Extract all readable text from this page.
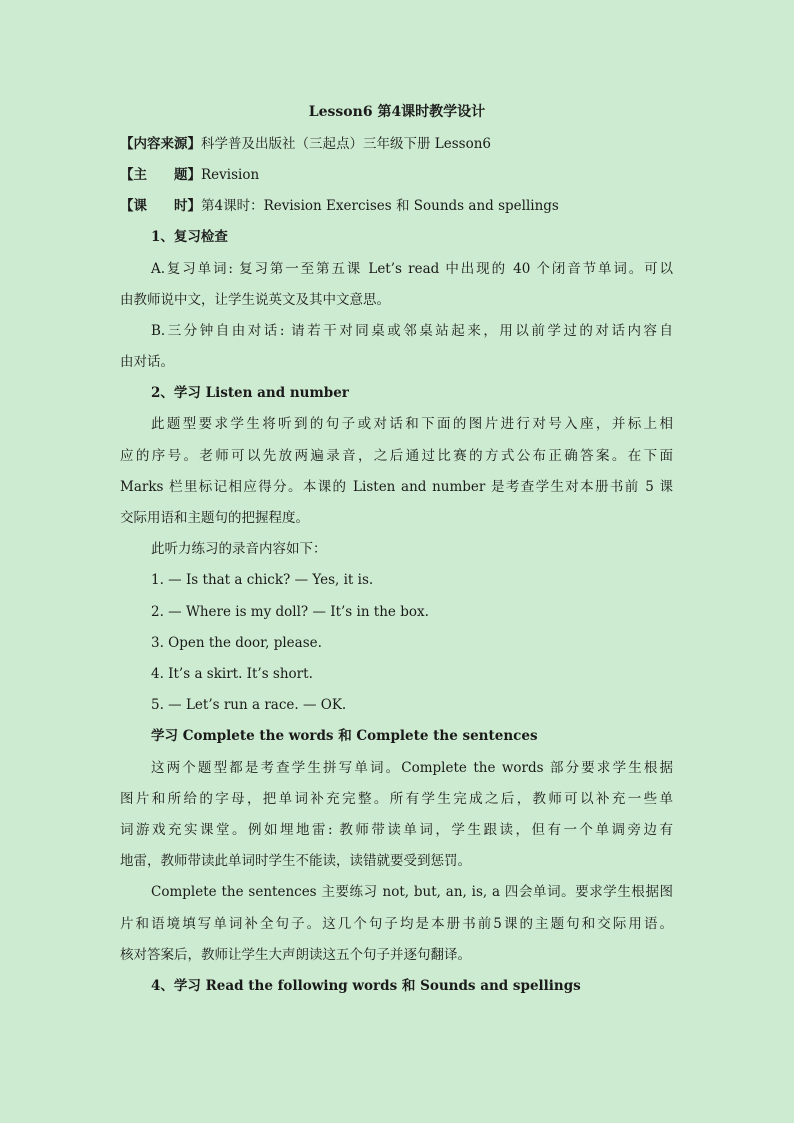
Lesson6 第4课时教学设计
【内容来源】科学普及出版社（三起点）三年级下册 Lesson6
【主　　题】Revision
【课　　时】第4课时：Revision Exercises 和 Sounds and spellings
1、复习检查
A.复习单词: 复习第一至第五课 Let’s read 中出现的 40 个闭音节单词。可以
由教师说中文，让学生说英文及其中文意思。
B.三分钟自由对话: 请若干对同桌或邻桌站起来，用以前学过的对话内容自
由对话。
2、学习 Listen and number
此题型要求学生将听到的句子或对话和下面的图片进行对号入座，并标上相
应的序号。老师可以先放两遍录音，之后通过比赛的方式公布正确答案。在下面
Marks 栏里标记相应得分。本课的 Listen and number 是考查学生对本册书前 5 课
交际用语和主题句的把握程度。
此听力练习的录音内容如下：
1. — Is that a chick? — Yes, it is.
2. — Where is my doll? — It’s in the box.
3. Open the door, please.
4. It’s a skirt. It’s short.
5. — Let’s run a race. — OK.
学习 Complete the words 和 Complete the sentences
这两个题型都是考查学生拼写单词。Complete the words 部分要求学生根据
图片和所给的字母，把单词补充完整。所有学生完成之后，教师可以补充一些单
词游戏充实课堂。例如埋地雷: 教师带读单词，学生跟读，但有一个单调旁边有
地雷，教师带读此单词时学生不能读，读错就要受到惩罚。
Complete the sentences 主要练习 not, but, an, is, a 四会单词。要求学生根据图
片和语境填写单词补全句子。这几个句子均是本册书前5课的主题句和交际用语。
核对答案后，教师让学生大声朗读这五个句子并逐句翻译。
4、学习 Read the following words 和 Sounds and spellings
